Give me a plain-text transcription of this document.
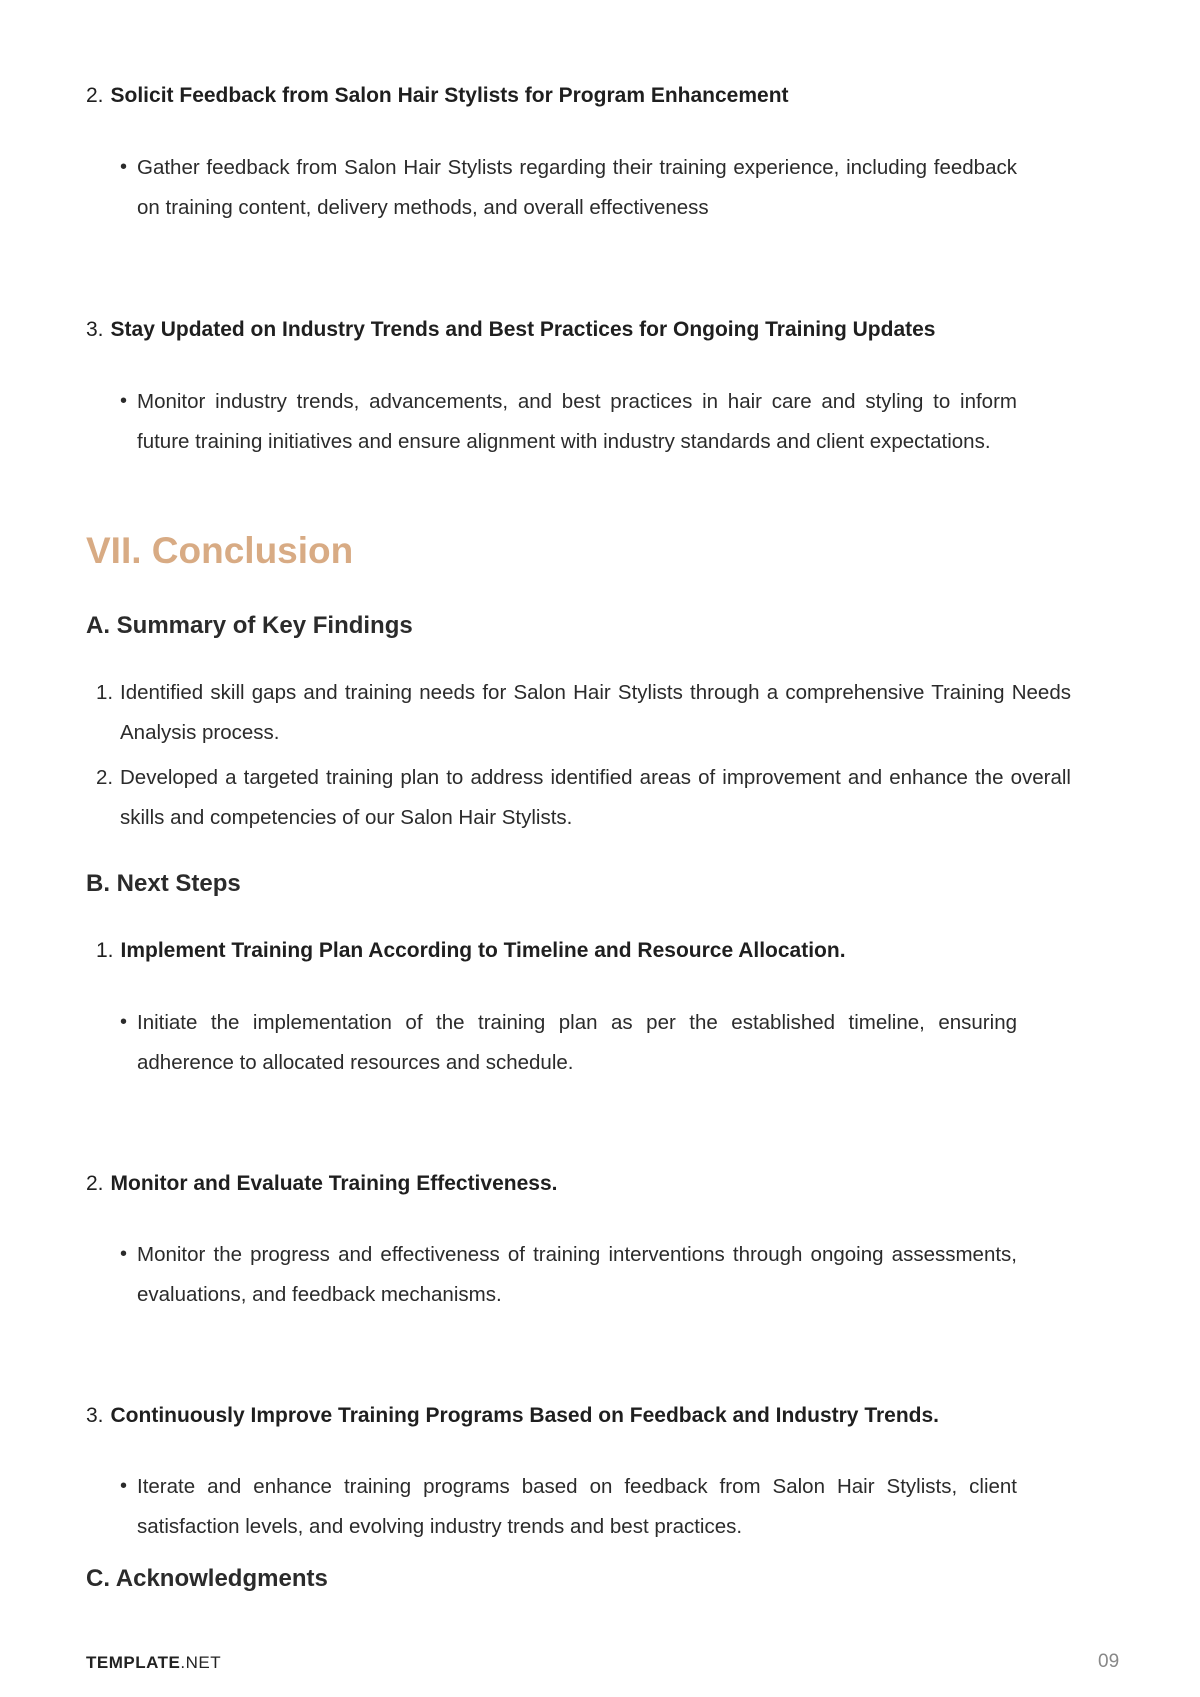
2. Solicit Feedback from Salon Hair Stylists for Program Enhancement

• Gather feedback from Salon Hair Stylists regarding their training experience, including feedback on training content, delivery methods, and overall effectiveness

3. Stay Updated on Industry Trends and Best Practices for Ongoing Training Updates

• Monitor industry trends, advancements, and best practices in hair care and styling to inform future training initiatives and ensure alignment with industry standards and client expectations.
VII. Conclusion
A. Summary of Key Findings
1. Identified skill gaps and training needs for Salon Hair Stylists through a comprehensive Training Needs Analysis process.
2. Developed a targeted training plan to address identified areas of improvement and enhance the overall skills and competencies of our Salon Hair Stylists.
B. Next Steps

1. Implement Training Plan According to Timeline and Resource Allocation.

• Initiate the implementation of the training plan as per the established timeline, ensuring adherence to allocated resources and schedule.

2. Monitor and Evaluate Training Effectiveness.

• Monitor the progress and effectiveness of training interventions through ongoing assessments, evaluations, and feedback mechanisms.

3. Continuously Improve Training Programs Based on Feedback and Industry Trends.

• Iterate and enhance training programs based on feedback from Salon Hair Stylists, client satisfaction levels, and evolving industry trends and best practices.
C. Acknowledgments
TEMPLATE.NET	09
